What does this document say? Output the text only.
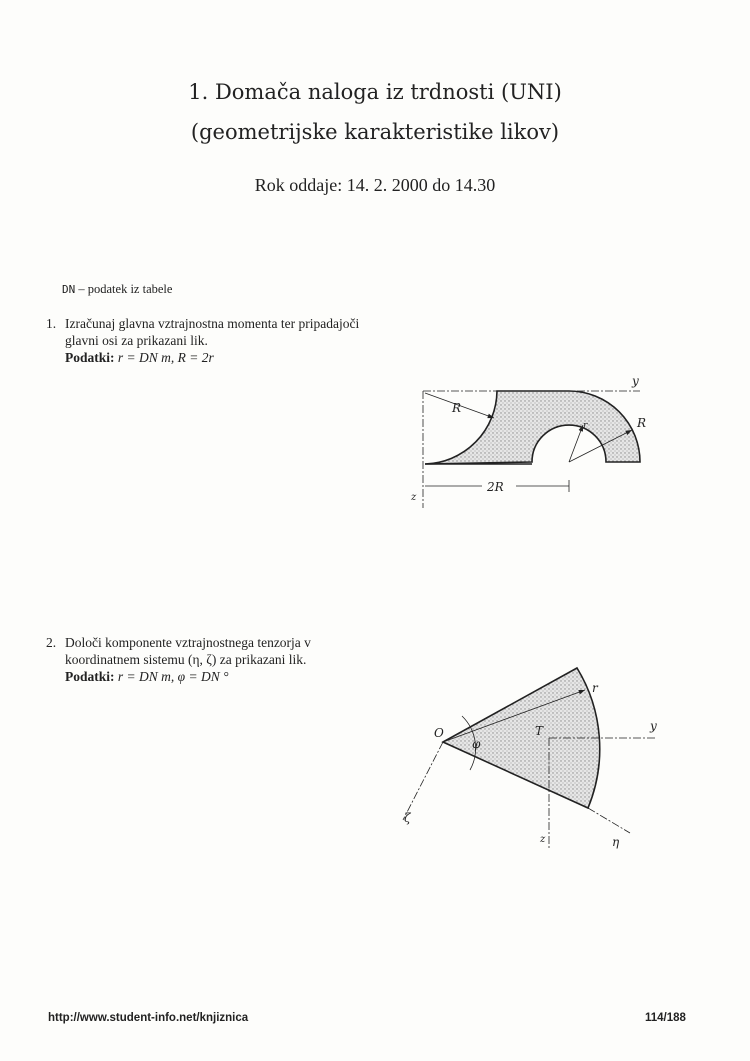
1. Domača naloga iz trdnosti (UNI)
(geometrijske karakteristike likov)
Rok oddaje: 14. 2. 2000 do 14.30
DN – podatek iz tabele
1. Izračunaj glavna vztrajnostna momenta ter pripadajoči glavni osi za prikazani lik.
Podatki: r = DN m, R = 2r
2. Določi komponente vztrajnostnega tenzorja v koordinatnem sistemu (η, ζ) za prikazani lik.
Podatki: r = DN m, φ = DN °
R
r	R
y
z
2R
O
φ
T
r
y
z	η
ζ
http://www.student-info.net/knjiznica	114/188
